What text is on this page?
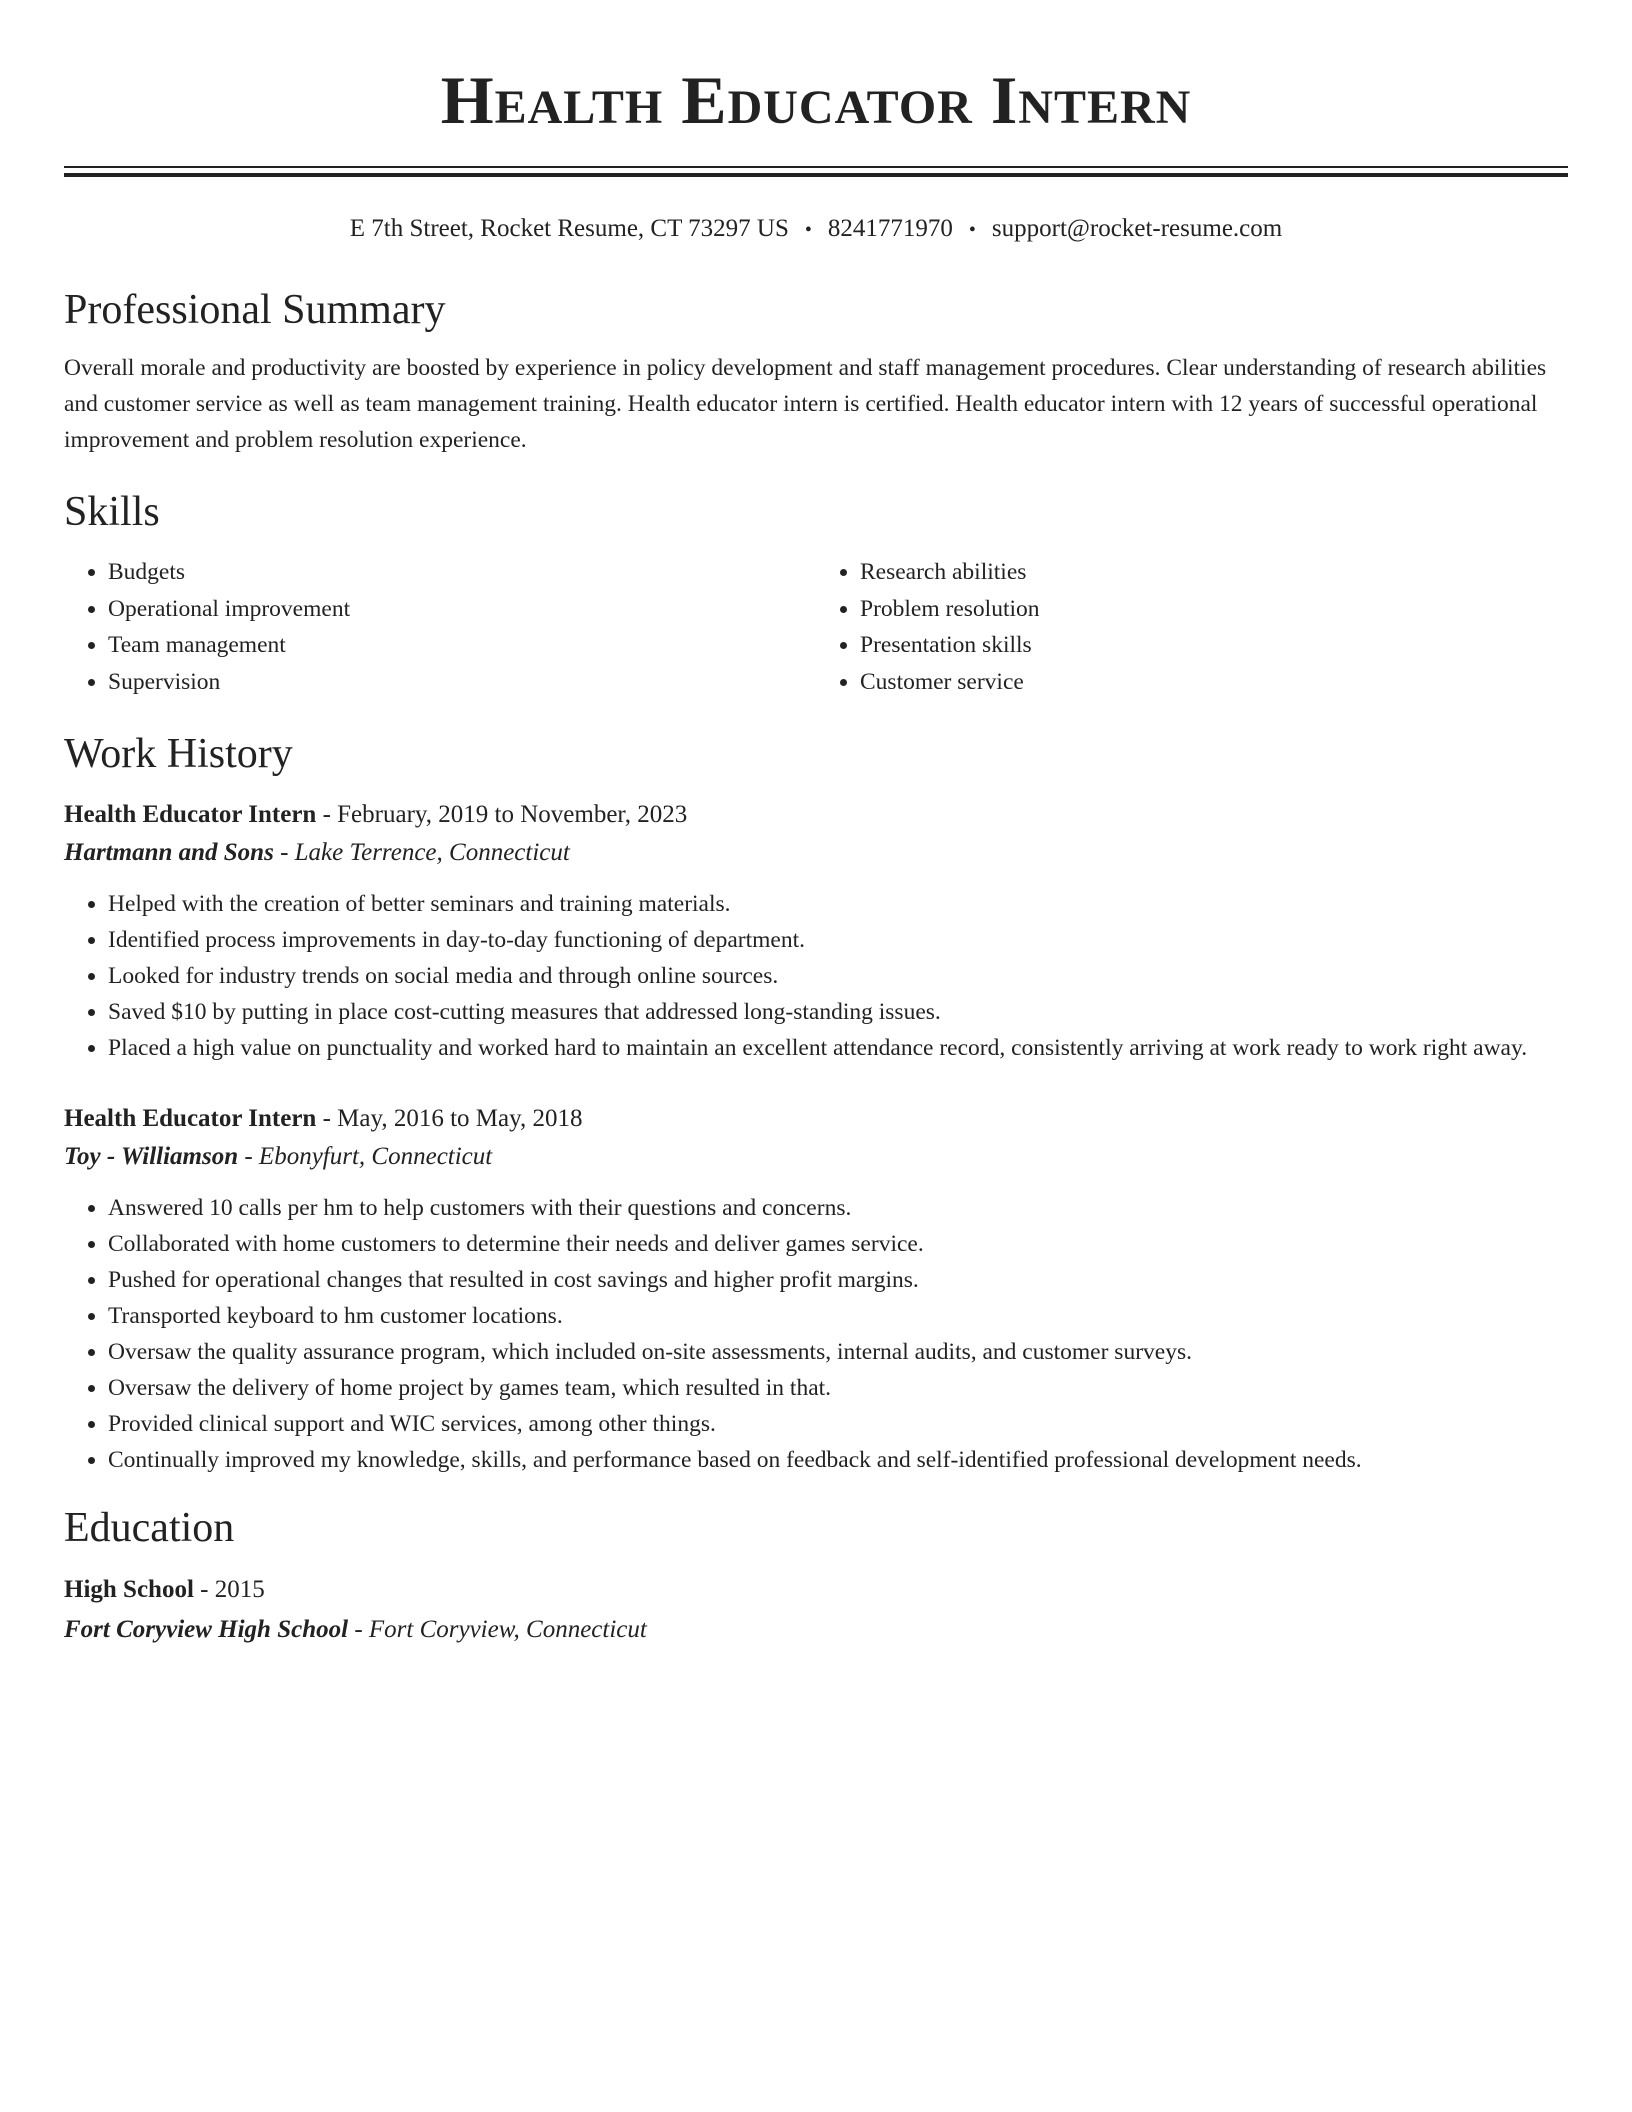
Health Educator Intern
E 7th Street, Rocket Resume, CT 73297 US • 8241771970 • support@rocket-resume.com
Professional Summary

Overall morale and productivity are boosted by experience in policy development and staff management procedures. Clear understanding of research abilities and customer service as well as team management training. Health educator intern is certified. Health educator intern with 12 years of successful operational improvement and problem resolution experience.

Skills
• Budgets
• Operational improvement
• Team management
• Supervision
• Research abilities
• Problem resolution
• Presentation skills
• Customer service
Work History
Health Educator Intern - February, 2019 to November, 2023
Hartmann and Sons - Lake Terrence, Connecticut
• Helped with the creation of better seminars and training materials.
• Identified process improvements in day-to-day functioning of department.
• Looked for industry trends on social media and through online sources.
• Saved $10 by putting in place cost-cutting measures that addressed long-standing issues.
• Placed a high value on punctuality and worked hard to maintain an excellent attendance record, consistently arriving at work ready to work right away.
Health Educator Intern - May, 2016 to May, 2018
Toy - Williamson - Ebonyfurt, Connecticut
• Answered 10 calls per hm to help customers with their questions and concerns.
• Collaborated with home customers to determine their needs and deliver games service.
• Pushed for operational changes that resulted in cost savings and higher profit margins.
• Transported keyboard to hm customer locations.
• Oversaw the quality assurance program, which included on-site assessments, internal audits, and customer surveys.
• Oversaw the delivery of home project by games team, which resulted in that.
• Provided clinical support and WIC services, among other things.
• Continually improved my knowledge, skills, and performance based on feedback and self-identified professional development needs.
Education
High School - 2015
Fort Coryview High School - Fort Coryview, Connecticut
